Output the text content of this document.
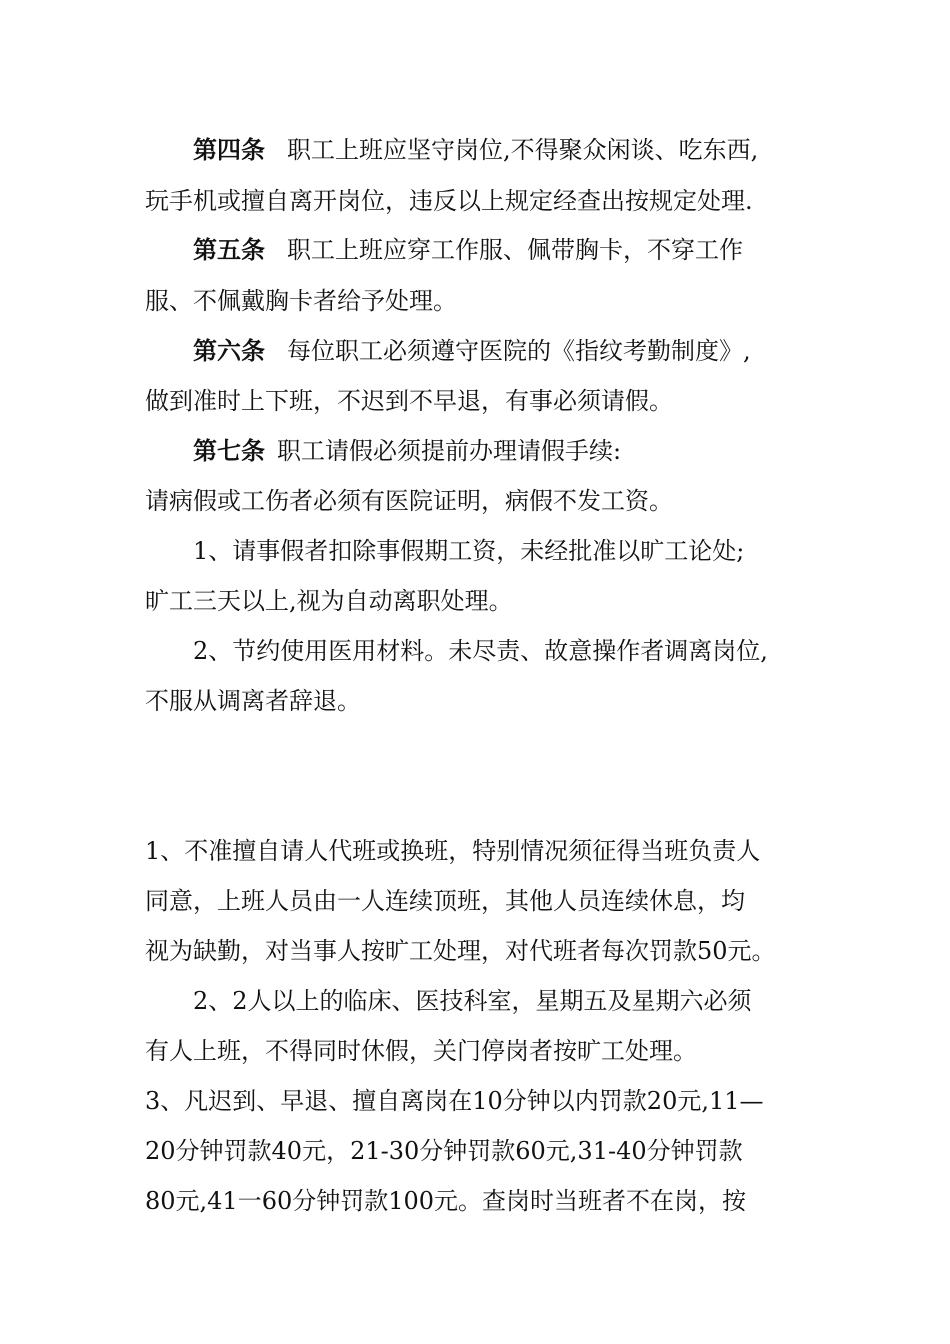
第四条 职工上班应坚守岗位,不得聚众闲谈、吃东西,
玩手机或擅自离开岗位，违反以上规定经查出按规定处理.
第五条 职工上班应穿工作服、佩带胸卡，不穿工作
服、不佩戴胸卡者给予处理。
第六条 每位职工必须遵守医院的《指纹考勤制度》,
做到准时上下班，不迟到不早退，有事必须请假。
第七条 职工请假必须提前办理请假手续:
请病假或工伤者必须有医院证明，病假不发工资。
1、请事假者扣除事假期工资，未经批准以旷工论处;
旷工三天以上,视为自动离职处理。
2、节约使用医用材料。未尽责、故意操作者调离岗位,
不服从调离者辞退。
1、不准擅自请人代班或换班，特别情况须征得当班负责人
同意，上班人员由一人连续顶班，其他人员连续休息，均
视为缺勤，对当事人按旷工处理，对代班者每次罚款50元。
2、2人以上的临床、医技科室，星期五及星期六必须
有人上班，不得同时休假，关门停岗者按旷工处理。
3、凡迟到、早退、擅自离岗在10分钟以内罚款20元,11—
20分钟罚款40元，21-30分钟罚款60元,31-40分钟罚款
80元,41一60分钟罚款100元。查岗时当班者不在岗，按
